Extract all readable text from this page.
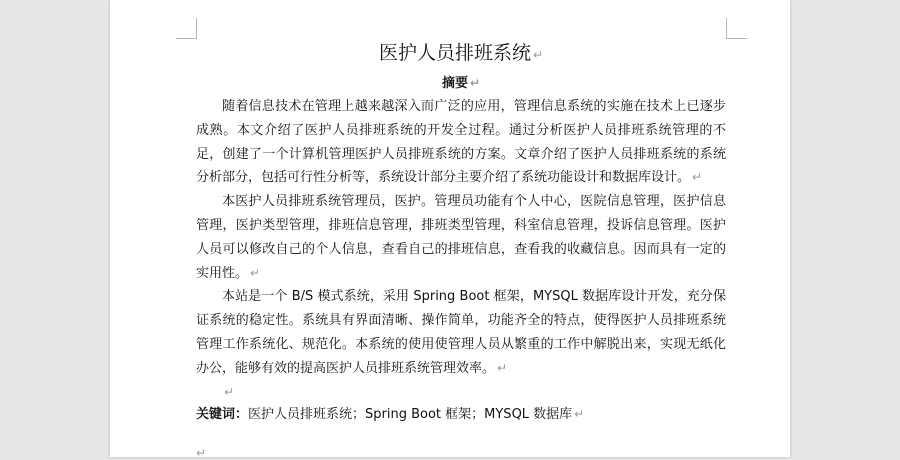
医护人员排班系统 ↵
摘要 ↵

随着信息技术在管理上越来越深入而广泛的应用，管理信息系统的实施在技术上已逐步成熟。本文介绍了医护人员排班系统的开发全过程。通过分析医护人员排班系统管理的不足，创建了一个计算机管理医护人员排班系统的方案。文章介绍了医护人员排班系统的系统分析部分，包括可行性分析等，系统设计部分主要介绍了系统功能设计和数据库设计。 ↵

本医护人员排班系统管理员，医护。管理员功能有个人中心，医院信息管理，医护信息管理，医护类型管理，排班信息管理，排班类型管理，科室信息管理，投诉信息管理。医护人员可以修改自己的个人信息，查看自己的排班信息，查看我的收藏信息。因而具有一定的实用性。 ↵

本站是一个 B/S 模式系统，采用 Spring Boot 框架，MYSQL 数据库设计开发，充分保证系统的稳定性。系统具有界面清晰、操作简单，功能齐全的特点，使得医护人员排班系统管理工作系统化、规范化。本系统的使用使管理人员从繁重的工作中解脱出来，实现无纸化办公，能够有效的提高医护人员排班系统管理效率。 ↵

↵

关键词：医护人员排班系统；Spring Boot 框架；MYSQL 数据库 ↵

↵
